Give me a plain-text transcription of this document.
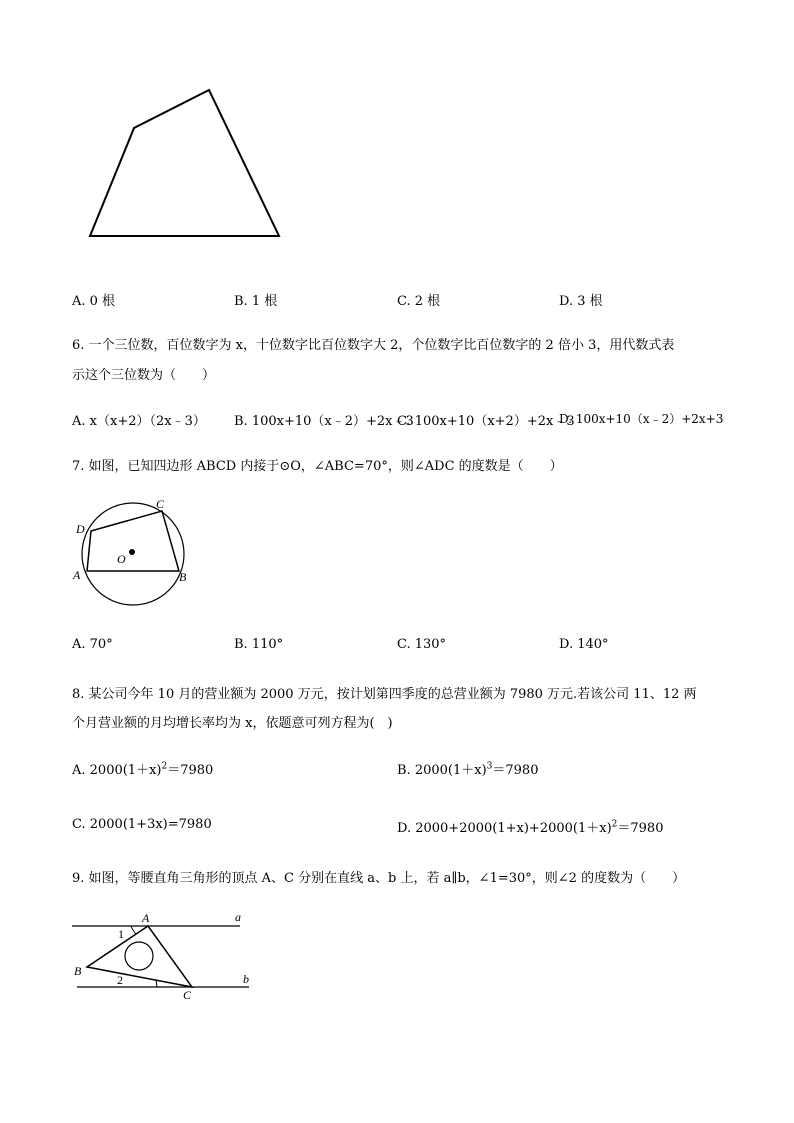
A. 0 根	B. 1 根	C. 2 根	D. 3 根
6. 一个三位数，百位数字为 x，十位数字比百位数字大 2，个位数字比百位数字的 2 倍小 3，用代数式表
示这个三位数为（　　）
A. x（x+2）（2x﹣3） B. 100x+10（x﹣2）+2x﹣3
C. 100x+10（x+2）+2x﹣3
D. 100x+10（x﹣2）+2x+3
7. 如图，已知四边形 ABCD 内接于⊙O，∠ABC=70°，则∠ADC 的度数是（　　）
A	B
C
D
O
A. 70°	B. 110°	C. 130°	D. 140°
8. 某公司今年 10 月的营业额为 2000 万元，按计划第四季度的总营业额为 7980 万元.若该公司 11、12 两
个月营业额的月均增长率均为 x，依题意可列方程为(　)
A. $2000(1+x)^2=7980$	B. $2000(1+x)^3=7980$
C. 2000(1+3x)=7980	D. $2000+2000(1+x)+2000(1+x)^2=7980$
9. 如图，等腰直角三角形的顶点 A、C 分别在直线 a、b 上，若 a∥b，∠1=30°，则∠2 的度数为（　　）
A
B
C
a
b
1
2
